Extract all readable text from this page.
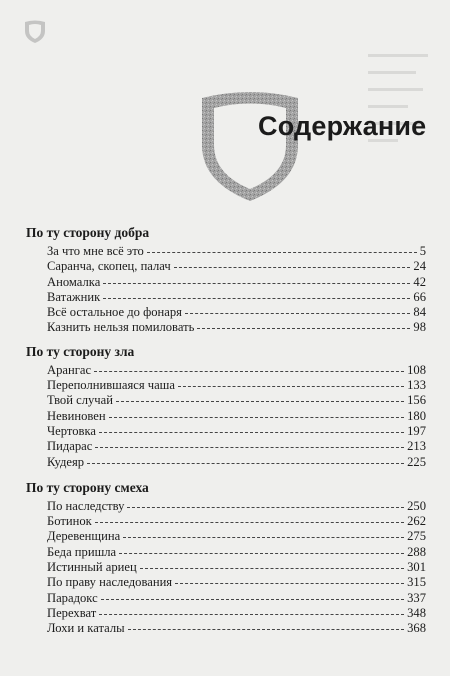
Содержание
По ту сторону добра
За что мне всё это	5
Саранча, скопец, палач	24
Аномалка	42
Ватажник	66
Всё остальное до фонаря	84
Казнить нельзя помиловать	98
По ту сторону зла
Арангас	108
Переполнившаяся чаша	133
Твой случай	156
Невиновен	180
Чертовка	197
Пидарас	213
Кудеяр	225
По ту сторону смеха
По наследству	250
Ботинок	262
Деревенщина	275
Беда пришла	288
Истинный ариец	301
По праву наследования	315
Парадокс	337
Перехват	348
Лохи и каталы	368
